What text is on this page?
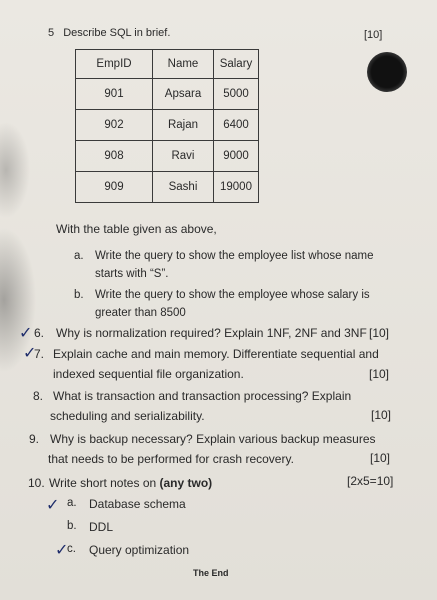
5 Describe SQL in brief.	[10]
EmpID	Name	Salary
901	Apsara	5000
902	Rajan	6400
908	Ravi	9000
909	Sashi	19000
With the table given as above,
a. Write the query to show the employee list whose name
starts with “S”.
b. Write the query to show the employee whose salary is
greater than 8500
✓ 6. Why is normalization required? Explain 1NF, 2NF and 3NF [10]
✓
7. Explain cache and main memory. Differentiate sequential and
indexed sequential file organization.	[10]
8. What is transaction and transaction processing? Explain
scheduling and serializability.	[10]
9. Why is backup necessary? Explain various backup measures
that needs to be performed for crash recovery.	[10]
10. Write short notes on (any two)	[2x5=10]
✓ a. Database schema
b. DDL
✓
c. Query optimization
The End
